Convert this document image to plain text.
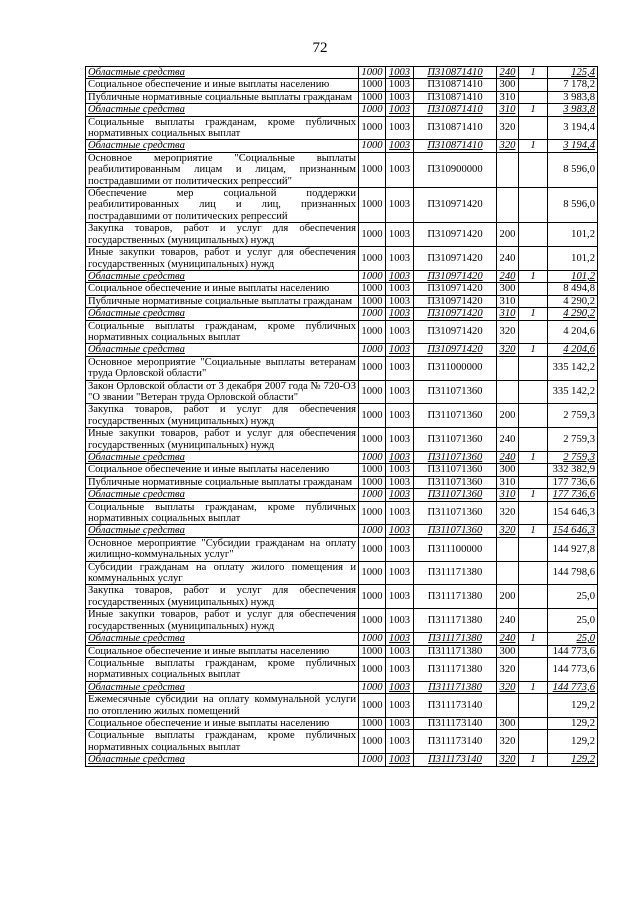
72
Областные средства	1000	1003	П310871410	240	1	125,4
Социальное обеспечение и иные выплаты населению	1000	1003	П310871410	300		7 178,2
Публичные нормативные социальные выплаты гражданам	1000	1003	П310871410	310		3 983,8
Областные средства	1000	1003	П310871410	310	1	3 983,8
Социальные выплаты гражданам, кроме публичных нормативных социальных выплат	1000	1003	П310871410	320		3 194,4
Областные средства	1000	1003	П310871410	320	1	3 194,4
Основное мероприятие "Социальные выплаты реабилитированным лицам и лицам, признанным пострадавшими от политических репрессий"	1000	1003	П310900000			8 596,0
Обеспечение мер социальной поддержки реабилитированных лиц и лиц, признанных пострадавшими от политических репрессий	1000	1003	П310971420			8 596,0
Закупка товаров, работ и услуг для обеспечения государственных (муниципальных) нужд	1000	1003	П310971420	200		101,2
Иные закупки товаров, работ и услуг для обеспечения государственных (муниципальных) нужд	1000	1003	П310971420	240		101,2
Областные средства	1000	1003	П310971420	240	1	101,2
Социальное обеспечение и иные выплаты населению	1000	1003	П310971420	300		8 494,8
Публичные нормативные социальные выплаты гражданам	1000	1003	П310971420	310		4 290,2
Областные средства	1000	1003	П310971420	310	1	4 290,2
Социальные выплаты гражданам, кроме публичных нормативных социальных выплат	1000	1003	П310971420	320		4 204,6
Областные средства	1000	1003	П310971420	320	1	4 204,6
Основное мероприятие "Социальные выплаты ветеранам труда Орловской области"	1000	1003	П311000000			335 142,2
Закон Орловской области от 3 декабря 2007 года № 720-ОЗ "О звании "Ветеран труда Орловской области"	1000	1003	П311071360			335 142,2
Закупка товаров, работ и услуг для обеспечения государственных (муниципальных) нужд	1000	1003	П311071360	200		2 759,3
Иные закупки товаров, работ и услуг для обеспечения государственных (муниципальных) нужд	1000	1003	П311071360	240		2 759,3
Областные средства	1000	1003	П311071360	240	1	2 759,3
Социальное обеспечение и иные выплаты населению	1000	1003	П311071360	300		332 382,9
Публичные нормативные социальные выплаты гражданам	1000	1003	П311071360	310		177 736,6
Областные средства	1000	1003	П311071360	310	1	177 736,6
Социальные выплаты гражданам, кроме публичных нормативных социальных выплат	1000	1003	П311071360	320		154 646,3
Областные средства	1000	1003	П311071360	320	1	154 646,3
Основное мероприятие "Субсидии гражданам на оплату жилищно-коммунальных услуг"	1000	1003	П311100000			144 927,8
Субсидии гражданам на оплату жилого помещения и коммунальных услуг	1000	1003	П311171380			144 798,6
Закупка товаров, работ и услуг для обеспечения государственных (муниципальных) нужд	1000	1003	П311171380	200		25,0
Иные закупки товаров, работ и услуг для обеспечения государственных (муниципальных) нужд	1000	1003	П311171380	240		25,0
Областные средства	1000	1003	П311171380	240	1	25,0
Социальное обеспечение и иные выплаты населению	1000	1003	П311171380	300		144 773,6
Социальные выплаты гражданам, кроме публичных нормативных социальных выплат	1000	1003	П311171380	320		144 773,6
Областные средства	1000	1003	П311171380	320	1	144 773,6
Ежемесячные субсидии на оплату коммунальной услуги по отоплению жилых помещений	1000	1003	П311173140			129,2
Социальное обеспечение и иные выплаты населению	1000	1003	П311173140	300		129,2
Социальные выплаты гражданам, кроме публичных нормативных социальных выплат	1000	1003	П311173140	320		129,2
Областные средства	1000	1003	П311173140	320	1	129,2
